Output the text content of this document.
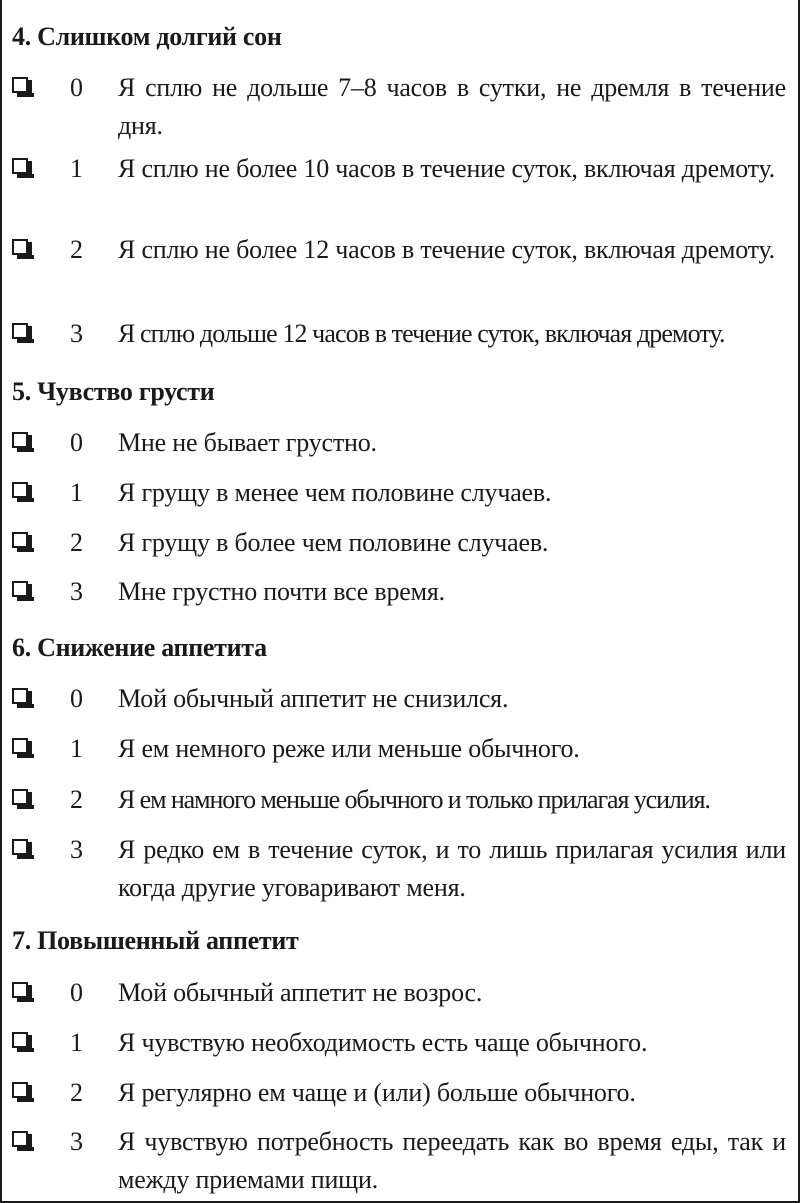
4. Слишком долгий сон
0 Я сплю не дольше 7–8 часов в сутки, не дремля в течение дня.
1 Я сплю не более 10 часов в течение суток, включая дремоту.
2 Я сплю не более 12 часов в течение суток, включая дремоту.
3 Я сплю дольше 12 часов в течение суток, включая дремоту.
5. Чувство грусти
0 Мне не бывает грустно.
1 Я грущу в менее чем половине случаев.
2 Я грущу в более чем половине случаев.
3 Мне грустно почти все время.
6. Снижение аппетита
0 Мой обычный аппетит не снизился.
1 Я ем немного реже или меньше обычного.
2 Я ем намного меньше обычного и только прилагая усилия.
3 Я редко ем в течение суток, и то лишь прилагая усилия или когда другие уговаривают меня.
7. Повышенный аппетит
0 Мой обычный аппетит не возрос.
1 Я чувствую необходимость есть чаще обычного.
2 Я регулярно ем чаще и (или) больше обычного.
3 Я чувствую потребность переедать как во время еды, так и между приемами пищи.
